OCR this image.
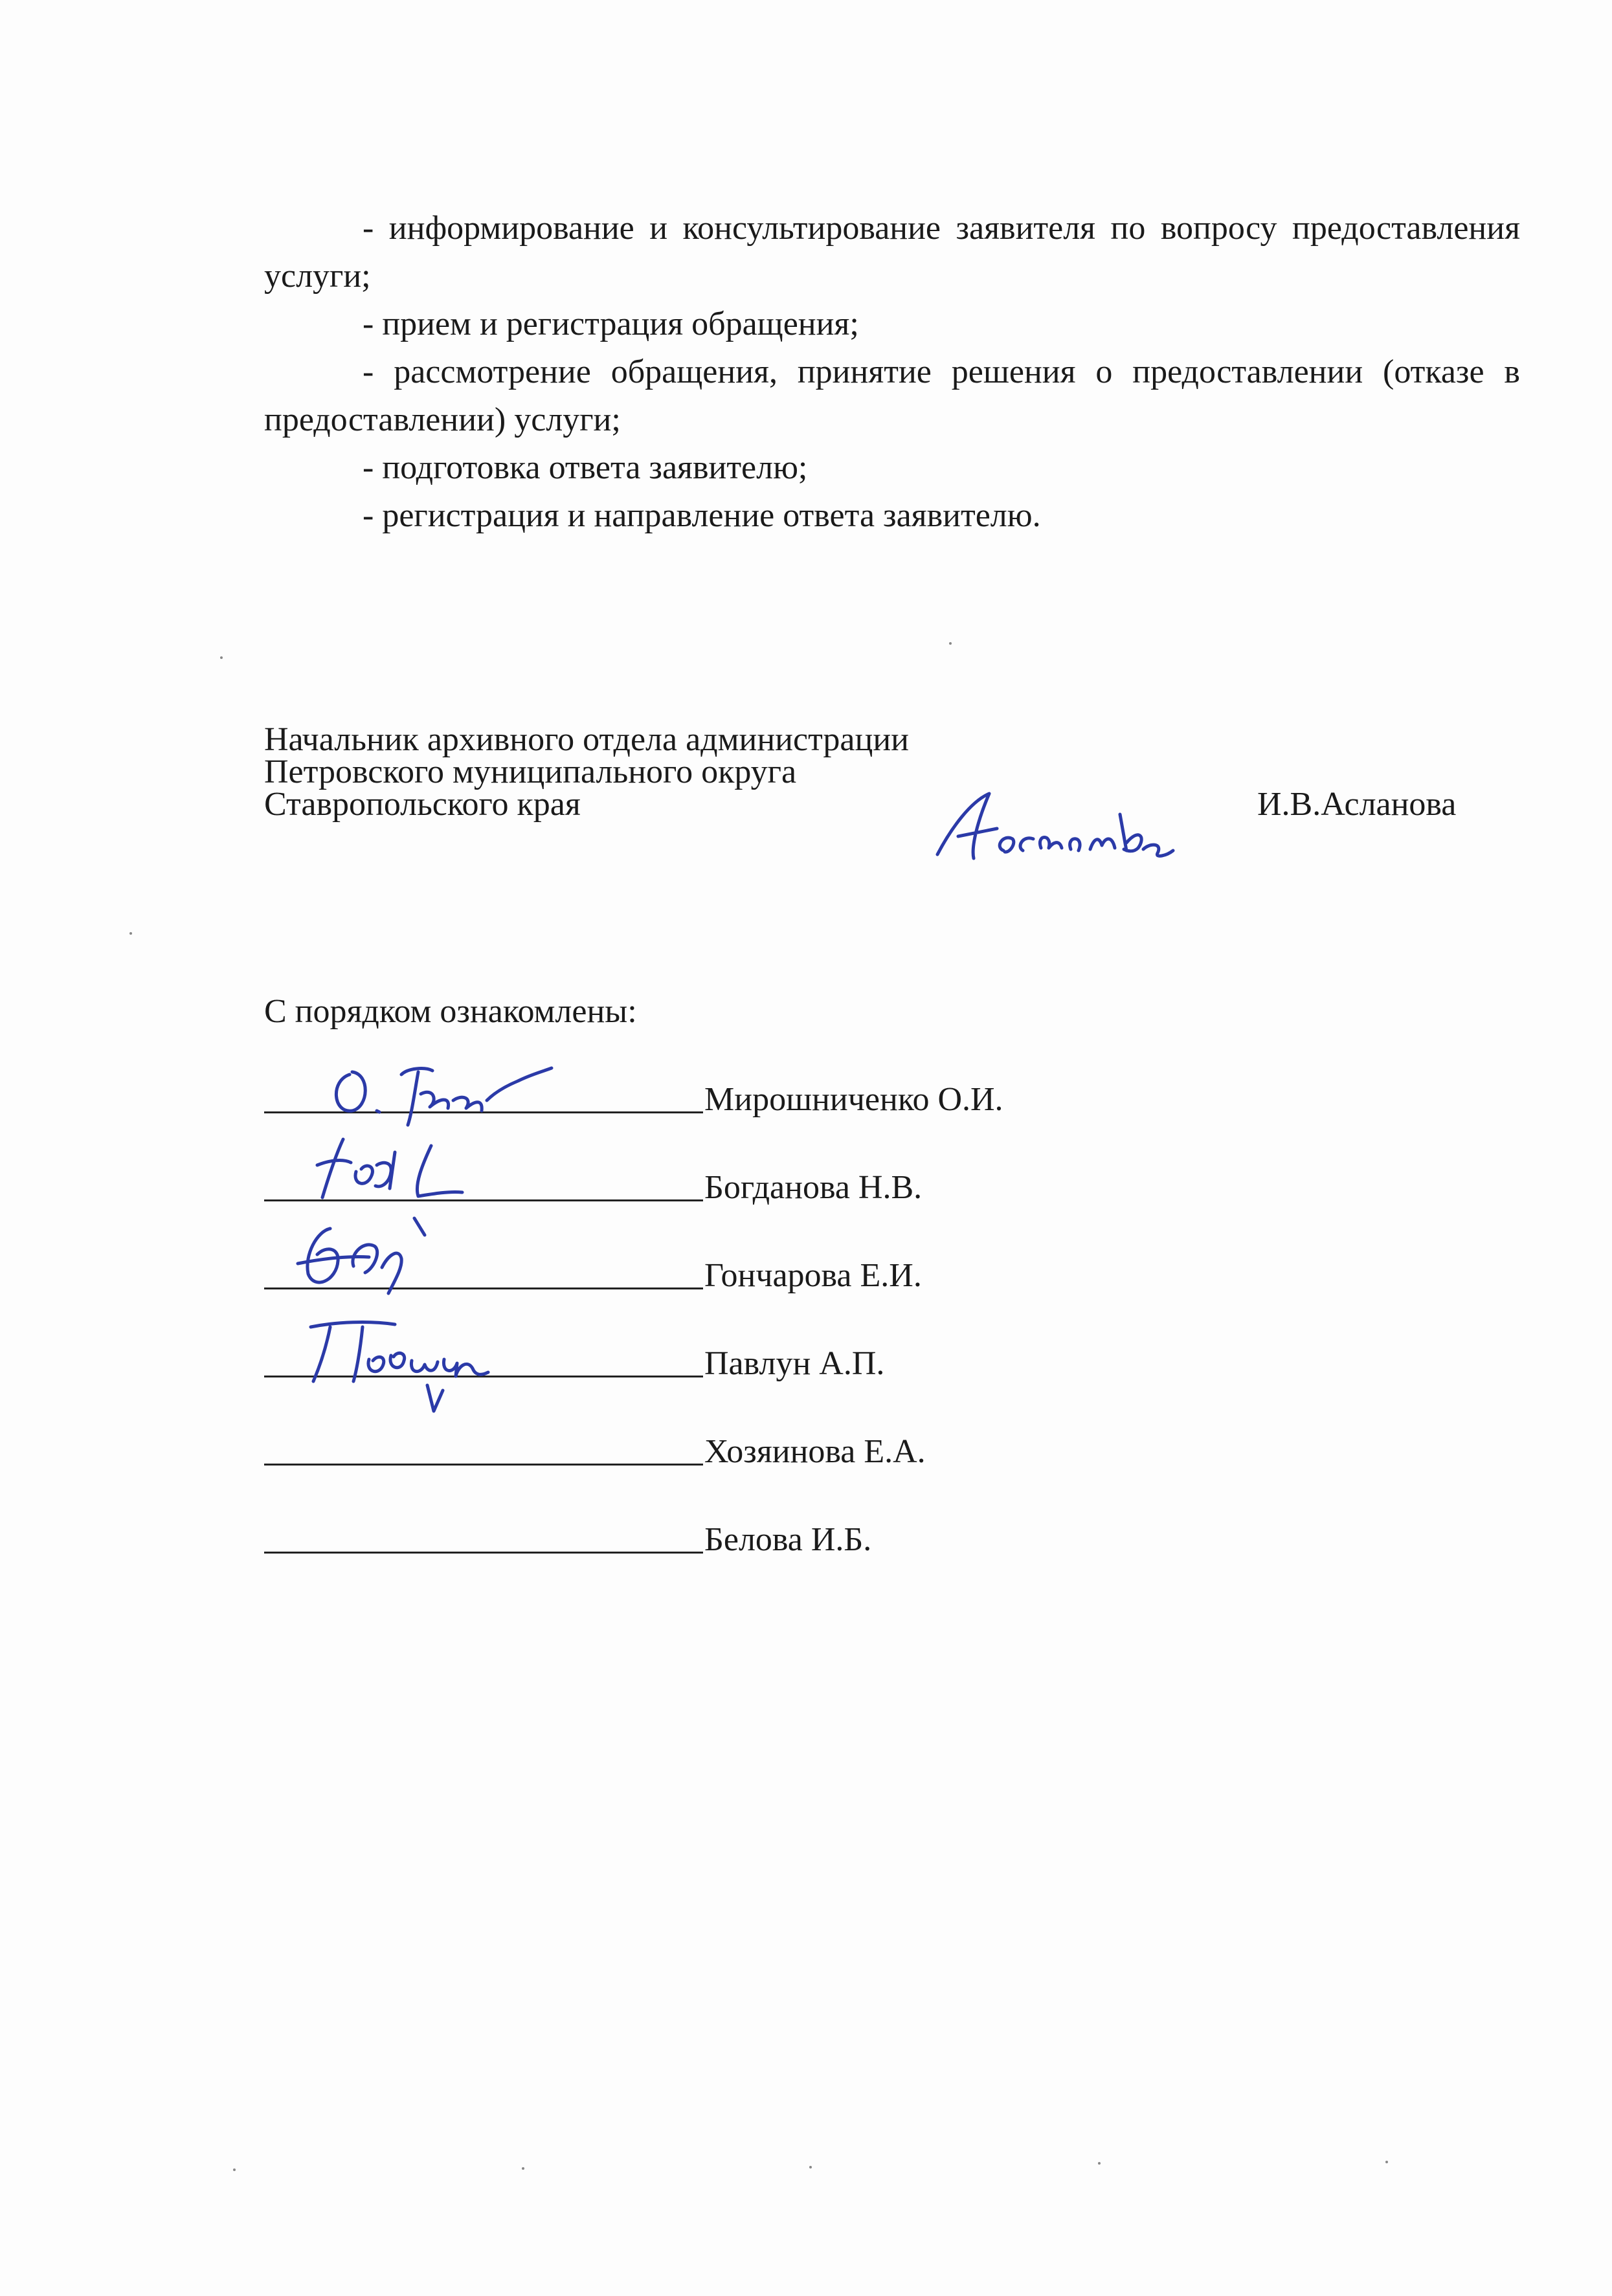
- информирование и консультирование заявителя по вопросу предоставления услуги;

- прием и регистрация обращения;

- рассмотрение обращения, принятие решения о предоставлении (отказе в предоставлении) услуги;

- подготовка ответа заявителю;

- регистрация и направление ответа заявителю.

Начальник архивного отдела администрации
Петровского муниципального округа
Ставропольского края	И.В.Асланова
С порядком ознакомлены:
Мирошниченко О.И.
Богданова Н.В.
Гончарова Е.И.
Павлун А.П.
Хозяинова Е.А.
Белова И.Б.
